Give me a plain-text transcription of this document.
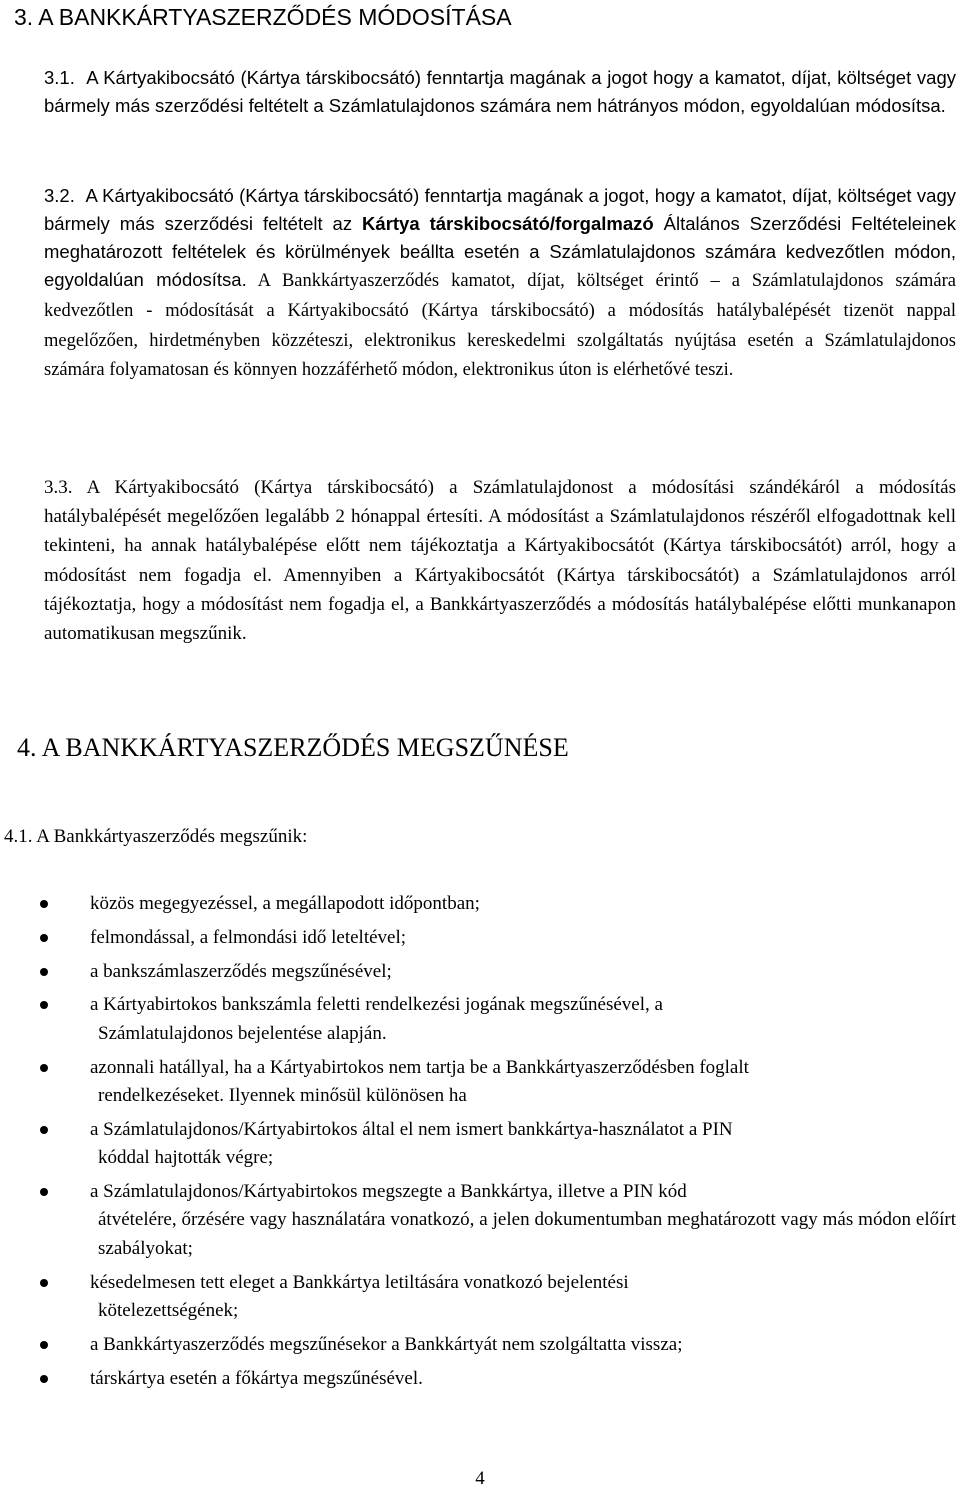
3. A BANKKÁRTYASZERZŐDÉS MÓDOSÍTÁSA

3.1. A Kártyakibocsátó (Kártya társkibocsátó) fenntartja magának a jogot hogy a kamatot, díjat, költséget vagy bármely más szerződési feltételt a Számlatulajdonos számára nem hátrányos módon, egyoldalúan módosítsa.

3.2. A Kártyakibocsátó (Kártya társkibocsátó) fenntartja magának a jogot, hogy a kamatot, díjat, költséget vagy bármely más szerződési feltételt az Kártya társkibocsátó/forgalmazó Általános Szerződési Feltételeinek meghatározott feltételek és körülmények beállta esetén a Számlatulajdonos számára kedvezőtlen módon, egyoldalúan módosítsa. A Bankkártyaszerződés kamatot, díjat, költséget érintő – a Számlatulajdonos számára kedvezőtlen - módosítását a Kártyakibocsátó (Kártya társkibocsátó) a módosítás hatálybalépését tizenöt nappal megelőzően, hirdetményben közzéteszi, elektronikus kereskedelmi szolgáltatás nyújtása esetén a Számlatulajdonos számára folyamatosan és könnyen hozzáférhető módon, elektronikus úton is elérhetővé teszi.

3.3. A Kártyakibocsátó (Kártya társkibocsátó) a Számlatulajdonost a módosítási szándékáról a módosítás hatálybalépését megelőzően legalább 2 hónappal értesíti. A módosítást a Számlatulajdonos részéről elfogadottnak kell tekinteni, ha annak hatálybalépése előtt nem tájékoztatja a Kártyakibocsátót (Kártya társkibocsátót) arról, hogy a módosítást nem fogadja el. Amennyiben a Kártyakibocsátót (Kártya társkibocsátót) a Számlatulajdonos arról tájékoztatja, hogy a módosítást nem fogadja el, a Bankkártyaszerződés a módosítás hatálybalépése előtti munkanapon automatikusan megszűnik.

4. A BANKKÁRTYASZERZŐDÉS MEGSZŰNÉSE

4.1. A Bankkártyaszerződés megszűnik:

közös megegyezéssel, a megállapodott időpontban;
felmondással, a felmondási idő leteltével;
a bankszámlaszerződés megszűnésével;
a Kártyabirtokos bankszámla feletti rendelkezési jogának megszűnésével, a
Számlatulajdonos bejelentése alapján.
azonnali hatállyal, ha a Kártyabirtokos nem tartja be a Bankkártyaszerződésben foglalt
rendelkezéseket. Ilyennek minősül különösen ha
a Számlatulajdonos/Kártyabirtokos által el nem ismert bankkártya-használatot a PIN
kóddal hajtották végre;
a Számlatulajdonos/Kártyabirtokos megszegte a Bankkártya, illetve a PIN kód
átvételére, őrzésére vagy használatára vonatkozó, a jelen dokumentumban meghatározott vagy más módon előírt szabályokat;
késedelmesen tett eleget a Bankkártya letiltására vonatkozó bejelentési
kötelezettségének;
a Bankkártyaszerződés megszűnésekor a Bankkártyát nem szolgáltatta vissza;
társkártya esetén a főkártya megszűnésével.
4
